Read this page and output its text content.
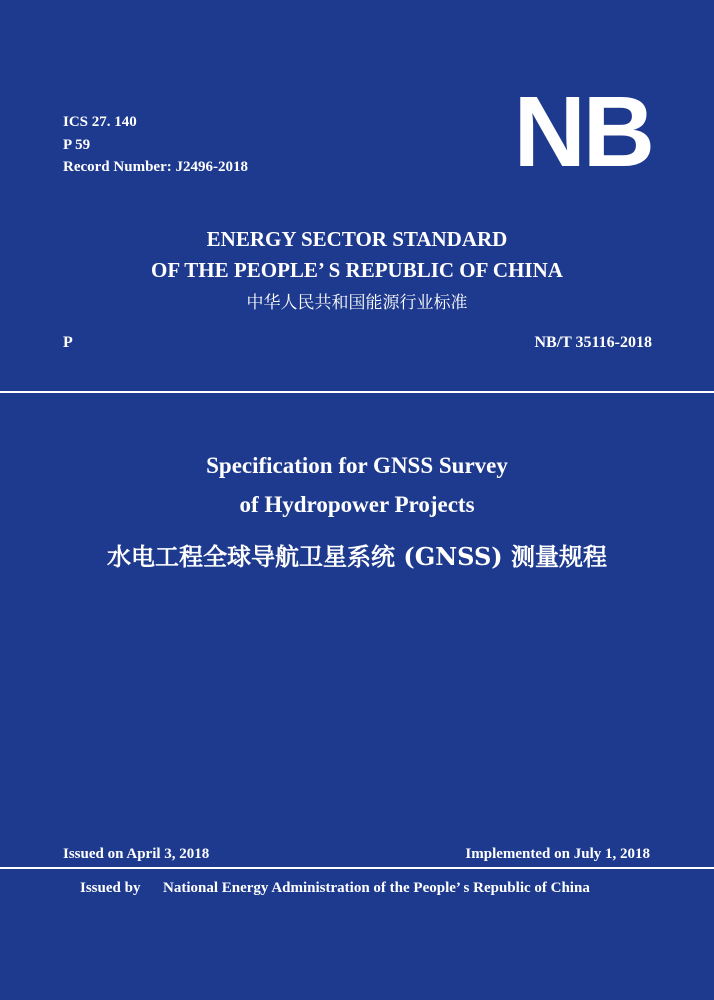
ICS 27. 140
P 59
Record Number: J2496-2018	NB
ENERGY SECTOR STANDARD
OF THE PEOPLE’ S REPUBLIC OF CHINA
中华人民共和国能源行业标准
P	NB/T 35116-2018
Specification for GNSS Survey
of Hydropower Projects
水电工程全球导航卫星系统 (GNSS) 测量规程
Issued on April 3, 2018	Implemented on July 1, 2018
Issued by National Energy Administration of the People’ s Republic of China
